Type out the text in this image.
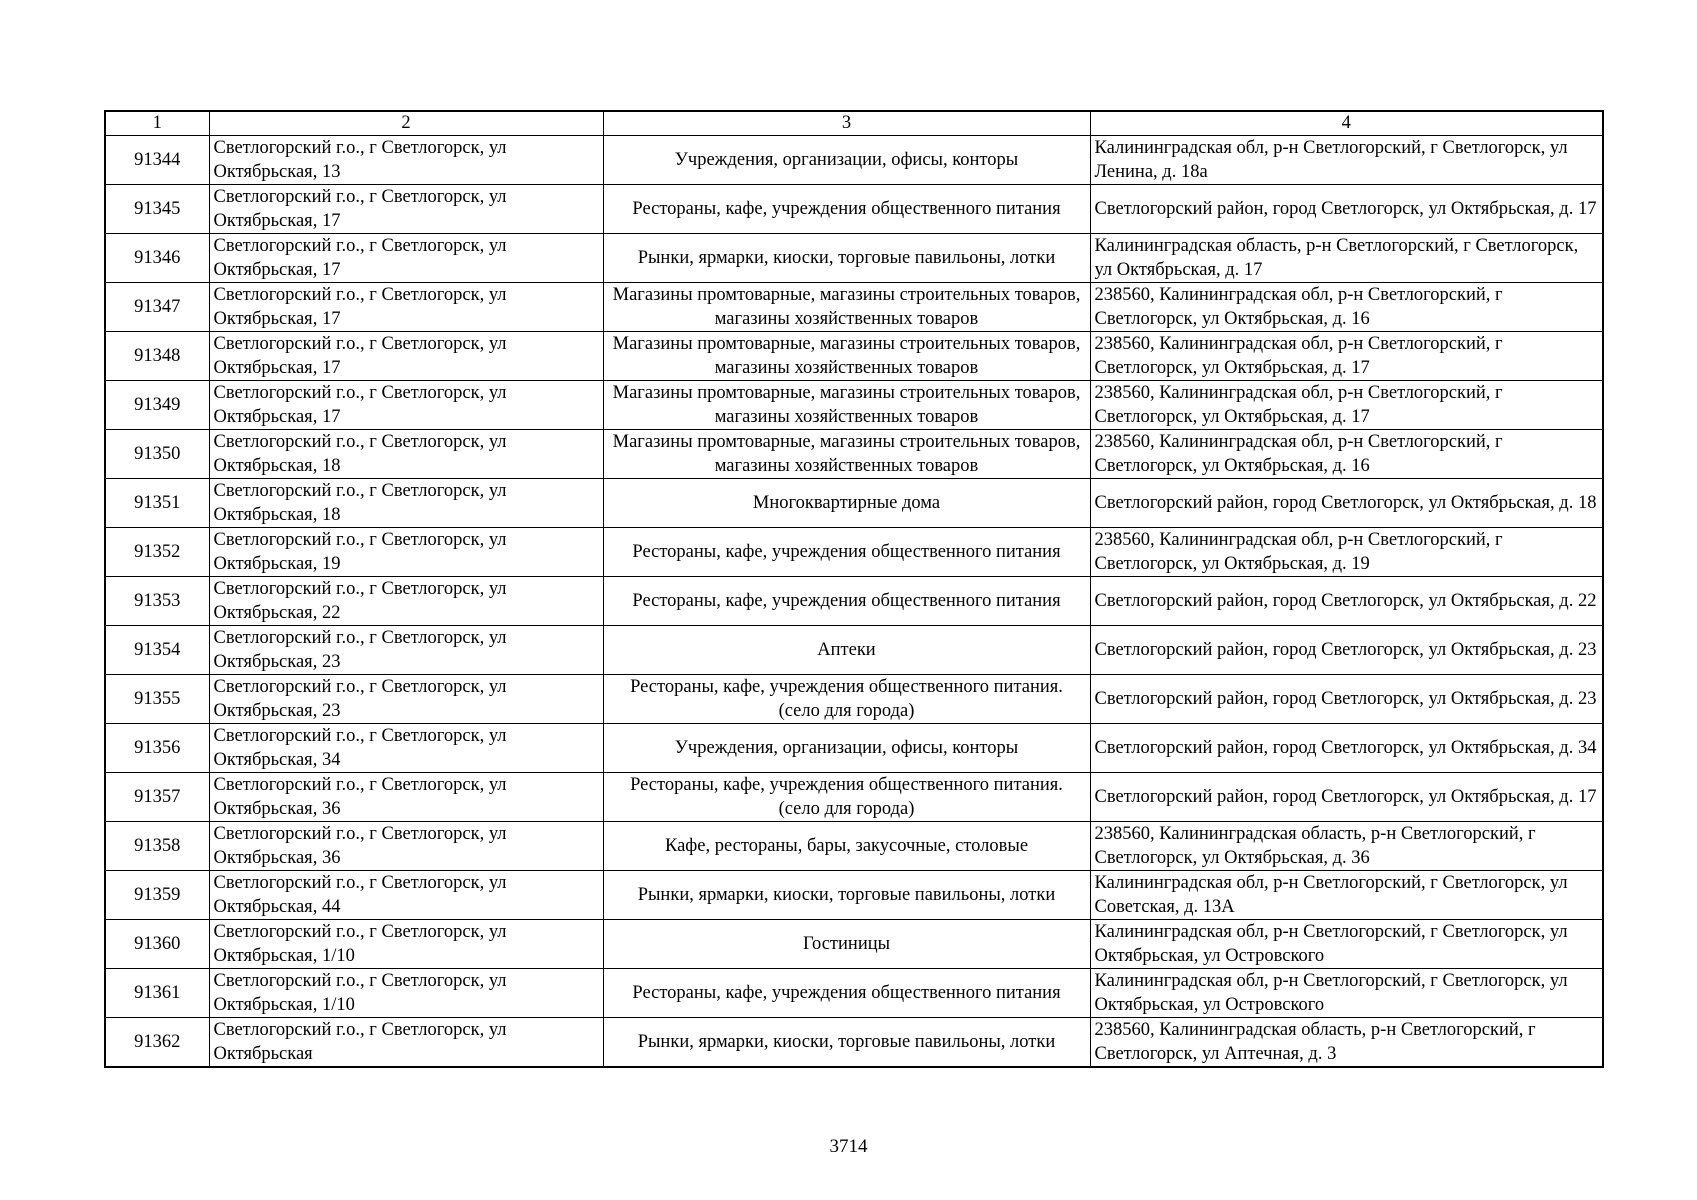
1	2	3	4
91344	Светлогорский г.о., г Светлогорск, ул Октябрьская, 13	Учреждения, организации, офисы, конторы	Калининградская обл, р-н Светлогорский, г Светлогорск, ул Ленина, д. 18а
91345	Светлогорский г.о., г Светлогорск, ул Октябрьская, 17	Рестораны, кафе, учреждения общественного питания	Светлогорский район, город Светлогорск, ул Октябрьская, д. 17
91346	Светлогорский г.о., г Светлогорск, ул Октябрьская, 17	Рынки, ярмарки, киоски, торговые павильоны, лотки	Калининградская область, р-н Светлогорский, г Светлогорск, ул Октябрьская, д. 17
91347	Светлогорский г.о., г Светлогорск, ул Октябрьская, 17	Магазины промтоварные, магазины строительных товаров, магазины хозяйственных товаров	238560, Калининградская обл, р-н Светлогорский, г Светлогорск, ул Октябрьская, д. 16
91348	Светлогорский г.о., г Светлогорск, ул Октябрьская, 17	Магазины промтоварные, магазины строительных товаров, магазины хозяйственных товаров	238560, Калининградская обл, р-н Светлогорский, г Светлогорск, ул Октябрьская, д. 17
91349	Светлогорский г.о., г Светлогорск, ул Октябрьская, 17	Магазины промтоварные, магазины строительных товаров, магазины хозяйственных товаров	238560, Калининградская обл, р-н Светлогорский, г Светлогорск, ул Октябрьская, д. 17
91350	Светлогорский г.о., г Светлогорск, ул Октябрьская, 18	Магазины промтоварные, магазины строительных товаров, магазины хозяйственных товаров	238560, Калининградская обл, р-н Светлогорский, г Светлогорск, ул Октябрьская, д. 16
91351	Светлогорский г.о., г Светлогорск, ул Октябрьская, 18	Многоквартирные дома	Светлогорский район, город Светлогорск, ул Октябрьская, д. 18
91352	Светлогорский г.о., г Светлогорск, ул Октябрьская, 19	Рестораны, кафе, учреждения общественного питания	238560, Калининградская обл, р-н Светлогорский, г Светлогорск, ул Октябрьская, д. 19
91353	Светлогорский г.о., г Светлогорск, ул Октябрьская, 22	Рестораны, кафе, учреждения общественного питания	Светлогорский район, город Светлогорск, ул Октябрьская, д. 22
91354	Светлогорский г.о., г Светлогорск, ул Октябрьская, 23	Аптеки	Светлогорский район, город Светлогорск, ул Октябрьская, д. 23
91355	Светлогорский г.о., г Светлогорск, ул Октябрьская, 23	Рестораны, кафе, учреждения общественного питания. (село для города)	Светлогорский район, город Светлогорск, ул Октябрьская, д. 23
91356	Светлогорский г.о., г Светлогорск, ул Октябрьская, 34	Учреждения, организации, офисы, конторы	Светлогорский район, город Светлогорск, ул Октябрьская, д. 34
91357	Светлогорский г.о., г Светлогорск, ул Октябрьская, 36	Рестораны, кафе, учреждения общественного питания. (село для города)	Светлогорский район, город Светлогорск, ул Октябрьская, д. 17
91358	Светлогорский г.о., г Светлогорск, ул Октябрьская, 36	Кафе, рестораны, бары, закусочные, столовые	238560, Калининградская область, р-н Светлогорский, г Светлогорск, ул Октябрьская, д. 36
91359	Светлогорский г.о., г Светлогорск, ул Октябрьская, 44	Рынки, ярмарки, киоски, торговые павильоны, лотки	Калининградская обл, р-н Светлогорский, г Светлогорск, ул Советская, д. 13А
91360	Светлогорский г.о., г Светлогорск, ул Октябрьская, 1/10	Гостиницы	Калининградская обл, р-н Светлогорский, г Светлогорск, ул Октябрьская, ул Островского
91361	Светлогорский г.о., г Светлогорск, ул Октябрьская, 1/10	Рестораны, кафе, учреждения общественного питания	Калининградская обл, р-н Светлогорский, г Светлогорск, ул Октябрьская, ул Островского
91362	Светлогорский г.о., г Светлогорск, ул Октябрьская	Рынки, ярмарки, киоски, торговые павильоны, лотки	238560, Калининградская область, р-н Светлогорский, г Светлогорск, ул Аптечная, д. 3
3714
